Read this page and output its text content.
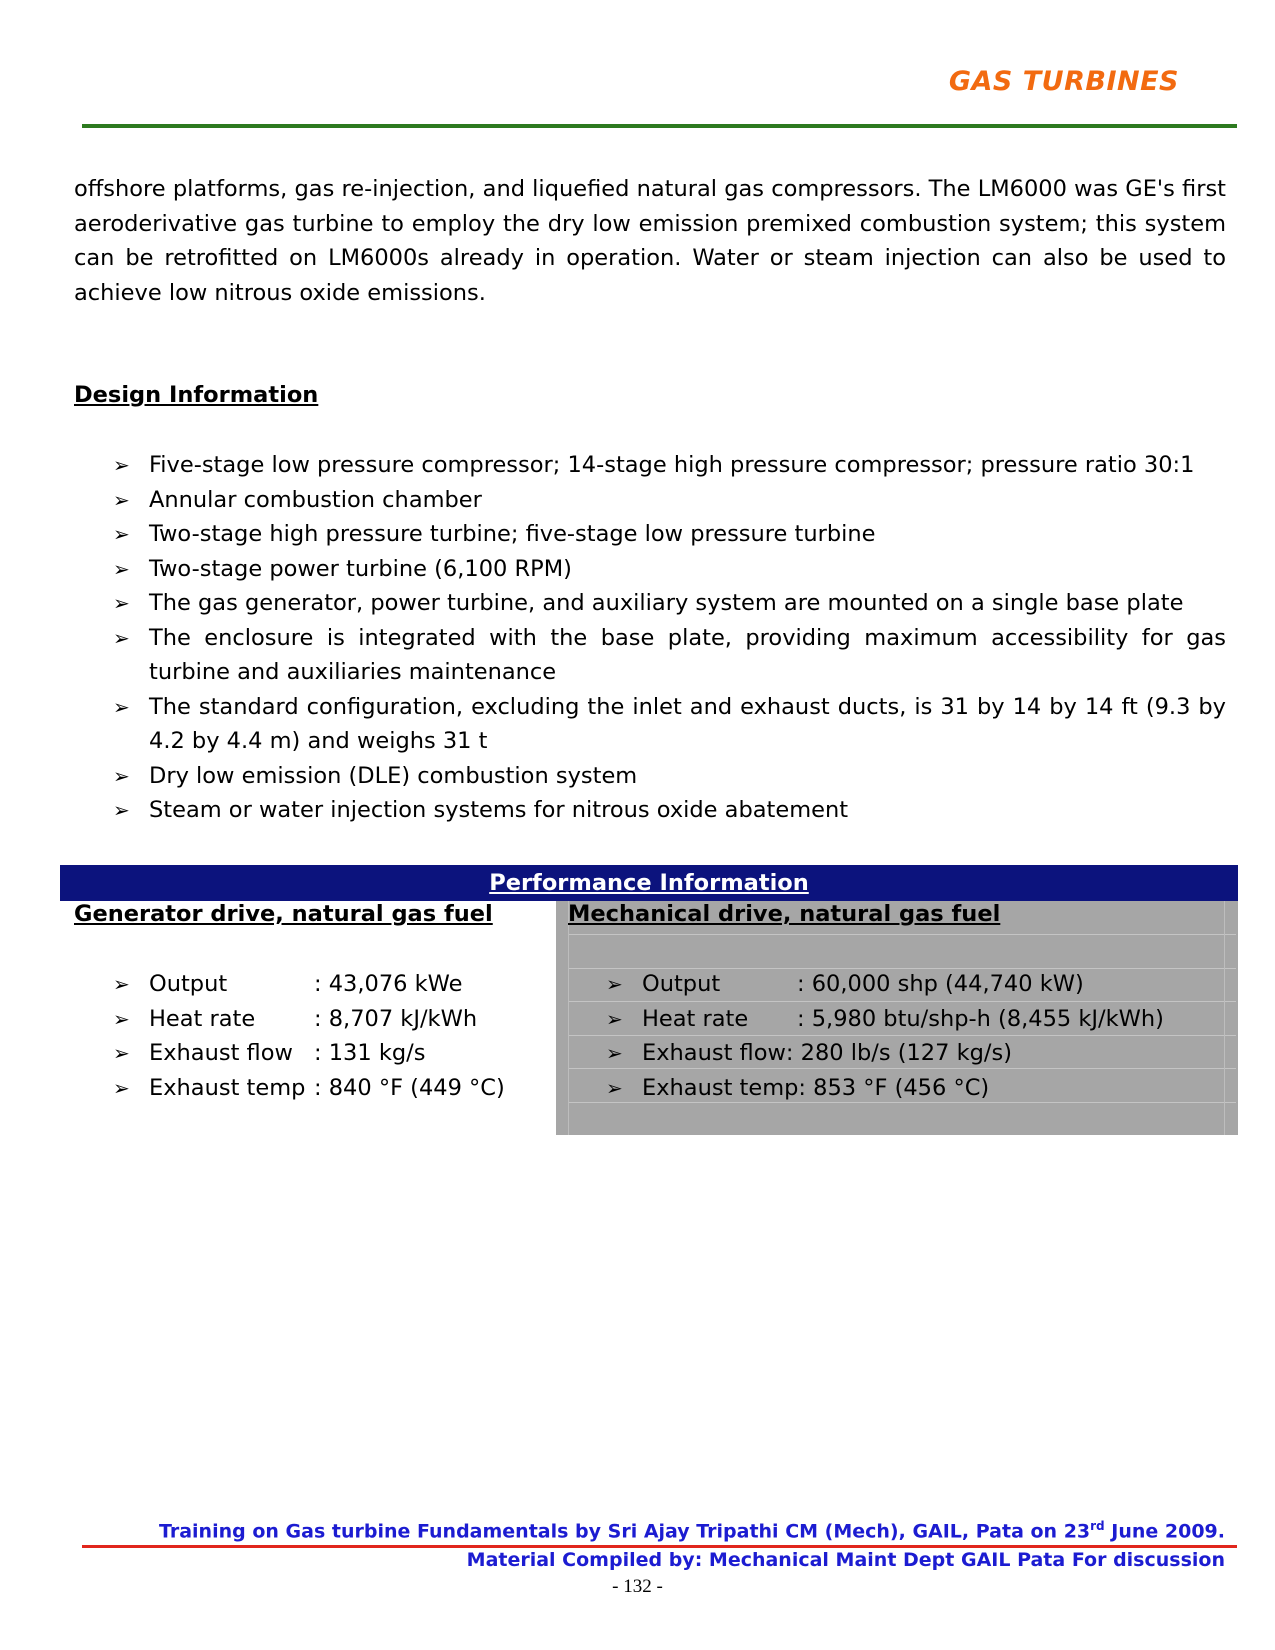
GAS TURBINES

offshore platforms, gas re-injection, and liquefied natural gas compressors. The LM6000 was GE's first aeroderivative gas turbine to employ the dry low emission premixed combustion system; this system can be retrofitted on LM6000s already in operation. Water or steam injection can also be used to achieve low nitrous oxide emissions.

Design Information

➢ Five-stage low pressure compressor; 14-stage high pressure compressor; pressure ratio 30:1
➢ Annular combustion chamber
➢ Two-stage high pressure turbine; five-stage low pressure turbine
➢ Two-stage power turbine (6,100 RPM)
➢ The gas generator, power turbine, and auxiliary system are mounted on a single base plate
➢ The enclosure is integrated with the base plate, providing maximum accessibility for gas turbine and auxiliaries maintenance
➢ The standard configuration, excluding the inlet and exhaust ducts, is 31 by 14 by 14 ft (9.3 by 4.2 by 4.4 m) and weighs 31 t
➢ Dry low emission (DLE) combustion system
➢ Steam or water injection systems for nitrous oxide abatement
Performance Information
Generator drive, natural gas fuel	Mechanical drive, natural gas fuel
➢ Output	: 43,076 kWe
➢ Heat rate	: 8,707 kJ/kWh
➢ Exhaust flow : 131 kg/s
➢ Exhaust temp : 840 °F (449 °C)
➢ Output	: 60,000 shp (44,740 kW)
➢ Heat rate : 5,980 btu/shp-h (8,455 kJ/kWh)
➢ Exhaust flow: 280 lb/s (127 kg/s)
➢ Exhaust temp: 853 °F (456 °C)
Training on Gas turbine Fundamentals by Sri Ajay Tripathi CM (Mech), GAIL, Pata on 23rd June 2009.
Material Compiled by: Mechanical Maint Dept GAIL Pata For discussion
- 132 -
